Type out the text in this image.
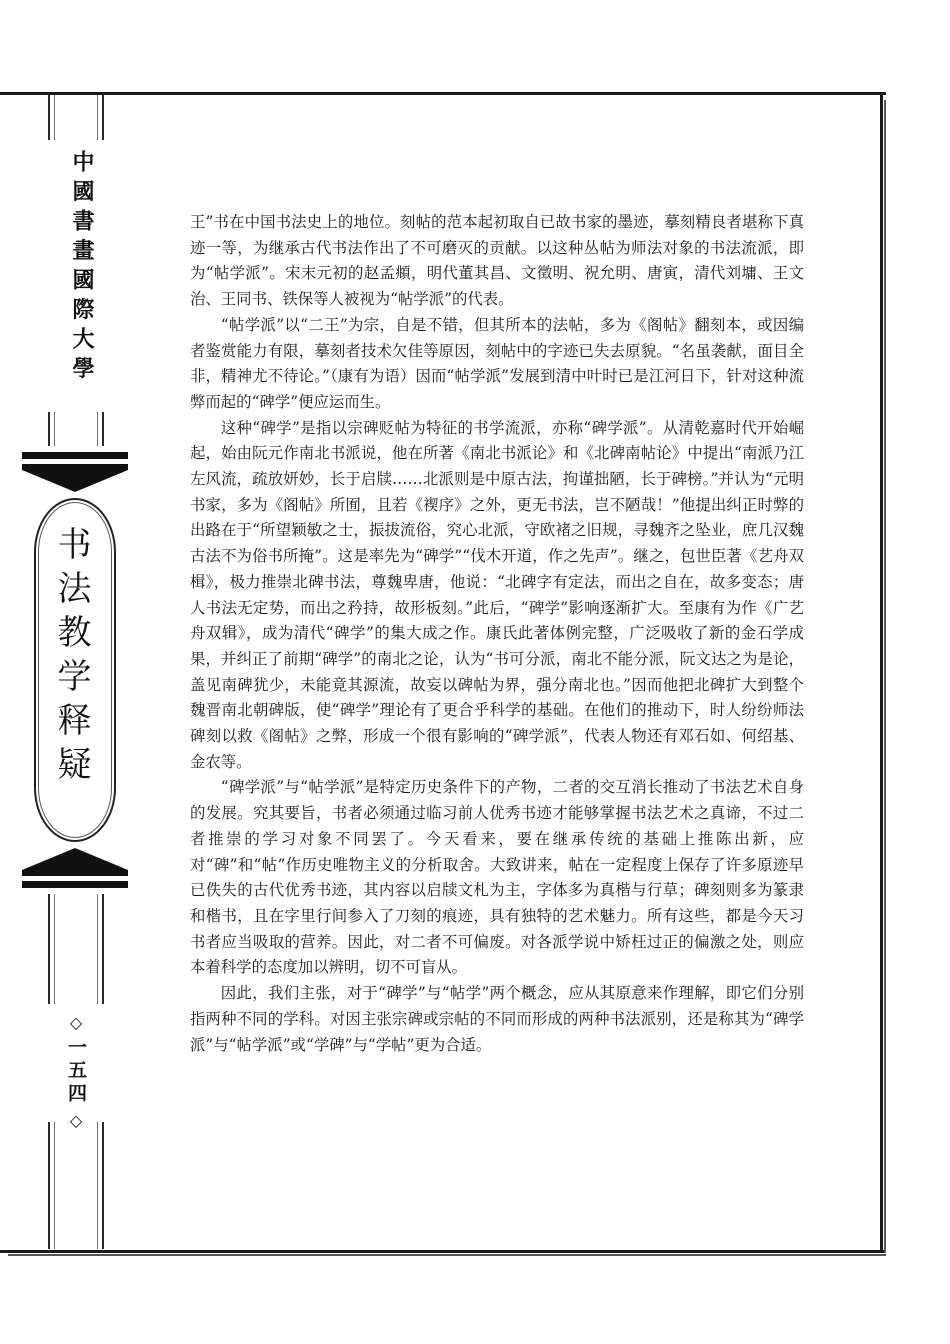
中國書畫國際大學
书法教学释疑
◇
一五四
◇

王”书在中国书法史上的地位。刻帖的范本起初取自已故书家的墨迹，摹刻精良者堪称下真迹一等，为继承古代书法作出了不可磨灭的贡献。以这种丛帖为师法对象的书法流派，即为“帖学派”。宋末元初的赵孟頫，明代董其昌、文徵明、祝允明、唐寅，清代刘墉、王文治、王同书、铁保等人被视为“帖学派”的代表。

“帖学派”以“二王”为宗，自是不错，但其所本的法帖，多为《阁帖》翻刻本，或因编者鉴赏能力有限，摹刻者技术欠佳等原因，刻帖中的字迹已失去原貌。“名虽袭献，面目全非，精神尤不待论。”（康有为语）因而“帖学派”发展到清中叶时已是江河日下，针对这种流弊而起的“碑学”便应运而生。

这种“碑学”是指以宗碑贬帖为特征的书学流派，亦称“碑学派”。从清乾嘉时代开始崛起，始由阮元作南北书派说，他在所著《南北书派论》和《北碑南帖论》中提出“南派乃江左风流，疏放妍妙，长于启牍……北派则是中原古法，拘谨拙陋，长于碑榜。”并认为“元明书家，多为《阁帖》所囿，且若《褉序》之外，更无书法，岂不陋哉！”他提出纠正时弊的出路在于“所望颖敏之士，振拔流俗，究心北派，守欧褚之旧规，寻魏齐之坠业，庶几汉魏古法不为俗书所掩”。这是率先为“碑学”“伐木开道，作之先声”。继之，包世臣著《艺舟双楫》，极力推崇北碑书法，尊魏卑唐，他说：“北碑字有定法，而出之自在，故多变态；唐人书法无定势，而出之矜持，故形板刻。”此后，“碑学”影响逐渐扩大。至康有为作《广艺舟双辑》，成为清代“碑学”的集大成之作。康氏此著体例完整，广泛吸收了新的金石学成果，并纠正了前期“碑学”的南北之论，认为“书可分派，南北不能分派，阮文达之为是论，盖见南碑犹少，未能竟其源流，故妄以碑帖为界，强分南北也。”因而他把北碑扩大到整个魏晋南北朝碑版，使“碑学”理论有了更合乎科学的基础。在他们的推动下，时人纷纷师法碑刻以救《阁帖》之弊，形成一个很有影响的“碑学派”，代表人物还有邓石如、何绍基、金农等。

“碑学派”与“帖学派”是特定历史条件下的产物，二者的交互消长推动了书法艺术自身的发展。究其要旨，书者必须通过临习前人优秀书迹才能够掌握书法艺术之真谛，不过二者推崇的学习对象不同罢了。今天看来，要在继承传统的基础上推陈出新，应对“碑”和“帖”作历史唯物主义的分析取舍。大致讲来，帖在一定程度上保存了许多原迹早已佚失的古代优秀书迹，其内容以启牍文札为主，字体多为真楷与行草；碑刻则多为篆隶和楷书，且在字里行间参入了刀刻的痕迹，具有独特的艺术魅力。所有这些，都是今天习书者应当吸取的营养。因此，对二者不可偏废。对各派学说中矫枉过正的偏激之处，则应本着科学的态度加以辨明，切不可盲从。

因此，我们主张，对于“碑学”与“帖学”两个概念，应从其原意来作理解，即它们分别指两种不同的学科。对因主张宗碑或宗帖的不同而形成的两种书法派别，还是称其为“碑学派”与“帖学派”或“学碑”与“学帖”更为合适。
